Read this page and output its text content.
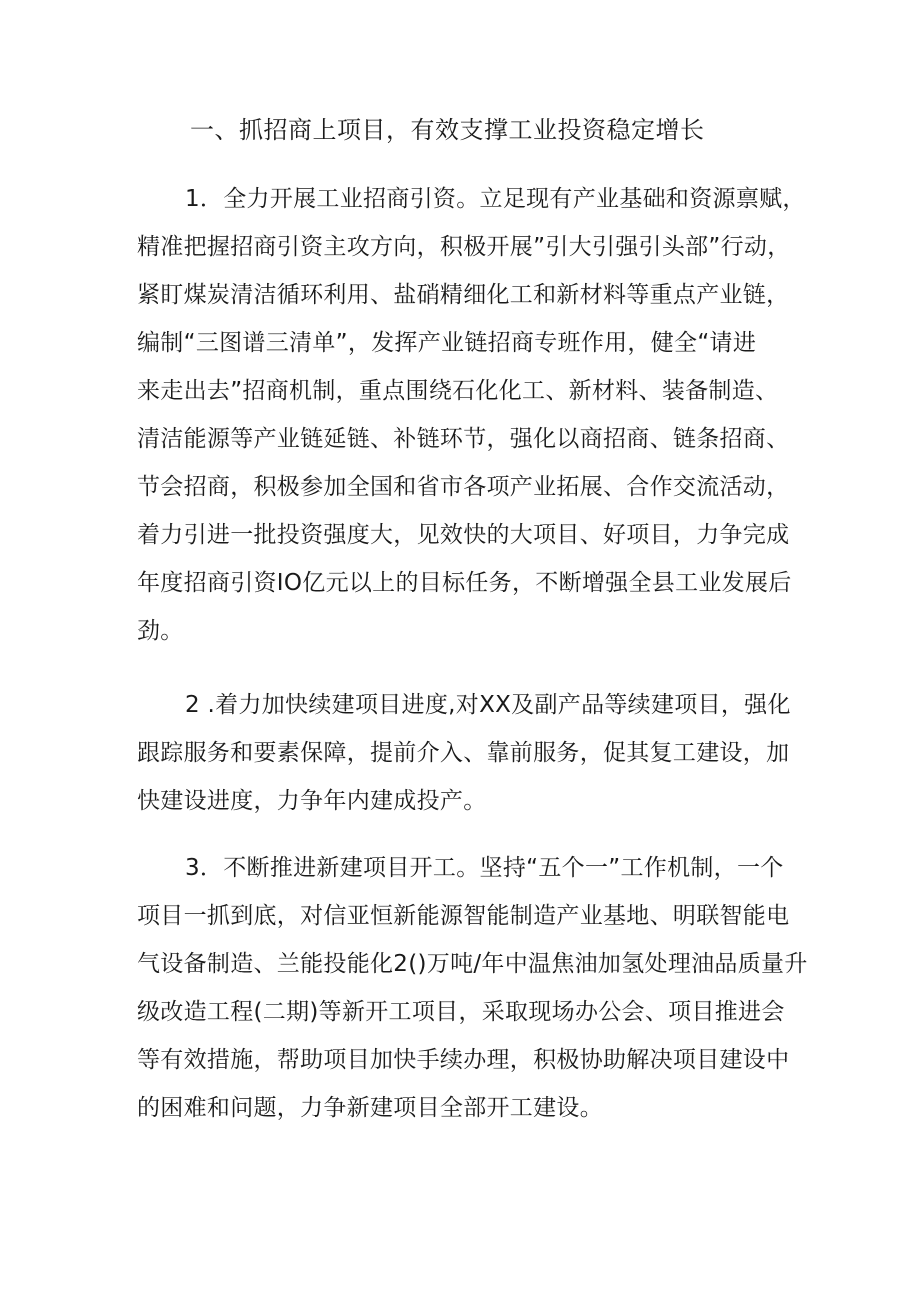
一、抓招商上项目，有效支撑工业投资稳定增长
1．全力开展工业招商引资。立足现有产业基础和资源禀赋，
精准把握招商引资主攻方向，积极开展”引大引强引头部”行动，
紧盯煤炭清洁循环利用、盐硝精细化工和新材料等重点产业链，
编制“三图谱三清单”，发挥产业链招商专班作用，健全“请进
来走出去”招商机制，重点围绕石化化工、新材料、装备制造、
清洁能源等产业链延链、补链环节，强化以商招商、链条招商、
节会招商，积极参加全国和省市各项产业拓展、合作交流活动，
着力引进一批投资强度大，见效快的大项目、好项目，力争完成
年度招商引资IO亿元以上的目标任务，不断增强全县工业发展后
劲。
2 .着力加快续建项目进度,对XX及副产品等续建项目，强化
跟踪服务和要素保障，提前介入、靠前服务，促其复工建设，加
快建设进度，力争年内建成投产。
3．不断推进新建项目开工。坚持“五个一”工作机制，一个
项目一抓到底，对信亚恒新能源智能制造产业基地、明联智能电
气设备制造、兰能投能化2()万吨/年中温焦油加氢处理油品质量升
级改造工程(二期)等新开工项目，采取现场办公会、项目推进会
等有效措施，帮助项目加快手续办理，积极协助解决项目建设中
的困难和问题，力争新建项目全部开工建设。
